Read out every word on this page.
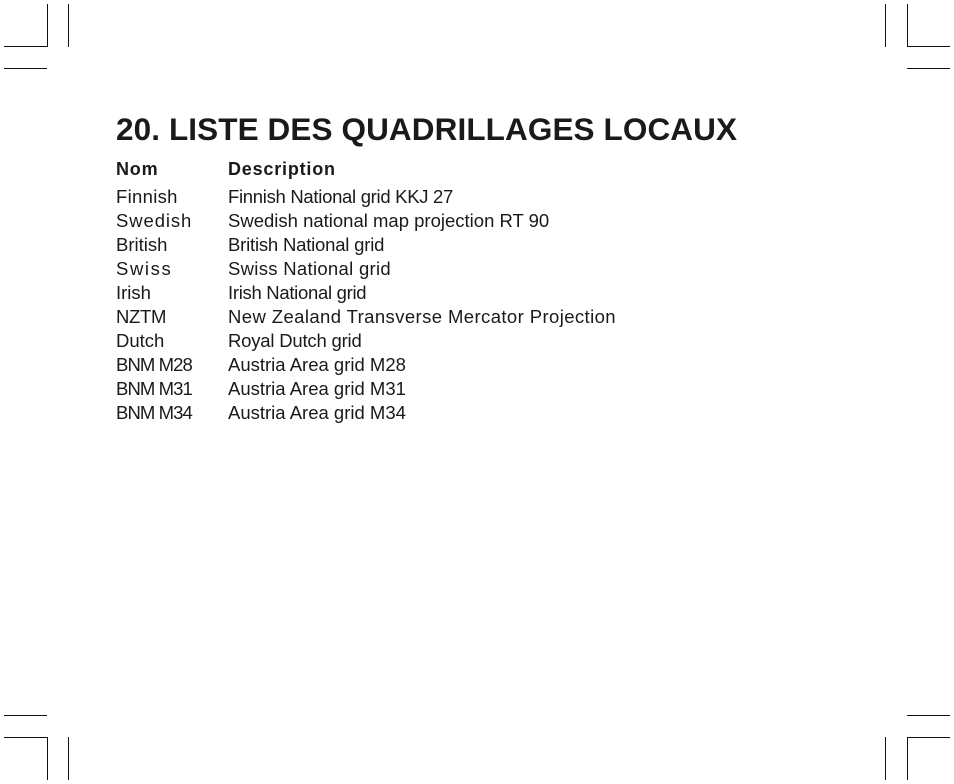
20. LISTE DES QUADRILLAGES LOCAUX
Nom	Description
Finnish	Finnish National grid KKJ 27
Swedish	Swedish national map projection RT 90
British	British National grid
Swiss	Swiss National grid
Irish	Irish National grid
NZTM	New Zealand Transverse Mercator Projection
Dutch	Royal Dutch grid
BNM M28	Austria Area grid M28
BNM M31	Austria Area grid M31
BNM M34	Austria Area grid M34
